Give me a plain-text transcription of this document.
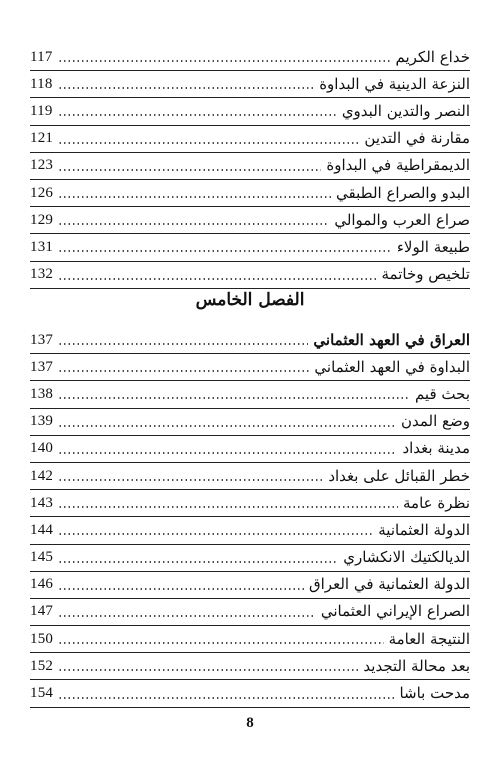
خداع الكريم
117
النزعة الدينية في البداوة
118
النصر والتدين البدوي
119
مقارنة في التدين
121
الديمقراطية في البداوة
123
البدو والصراع الطبقي
126
صراع العرب والموالي
129
طبيعة الولاء
131
تلخيص وخاتمة
132
الفصل الخامس
العراق في العهد العثماني
137
البداوة في العهد العثماني
137
بحث قيم
138
وضع المدن
139
مدينة بغداد
140
خطر القبائل على بغداد
142
نظرة عامة
143
الدولة العثمانية
144
الديالكتيك الانكشاري
145
الدولة العثمانية في العراق
146
الصراع الإيراني العثماني
147
النتيجة العامة
150
بعد محالة التجديد
152
مدحت باشا
154
8
